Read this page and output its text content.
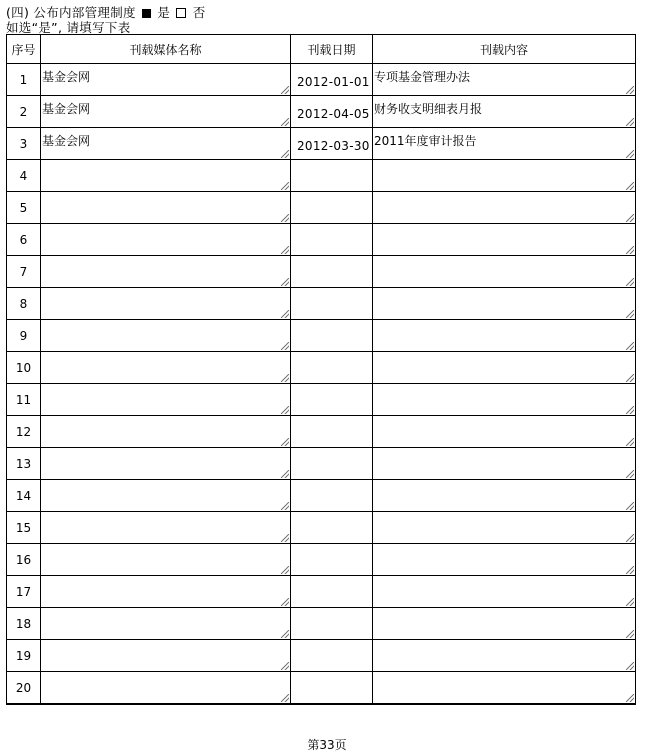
(四) 公布内部管理制度 是 否
如选“是”, 请填写下表
序号	刊载媒体名称	刊载日期	刊载内容
1	基金会网	2012-01-01	专项基金管理办法

2	基金会网	2012-04-05	财务收支明细表月报

3	基金会网	2012-03-30	2011年度审计报告

4	

5	

6	

7	

8	

9	

10	

11	

12	

13	

14	

15	

16	

17	

18	

19	

20	

第33页
